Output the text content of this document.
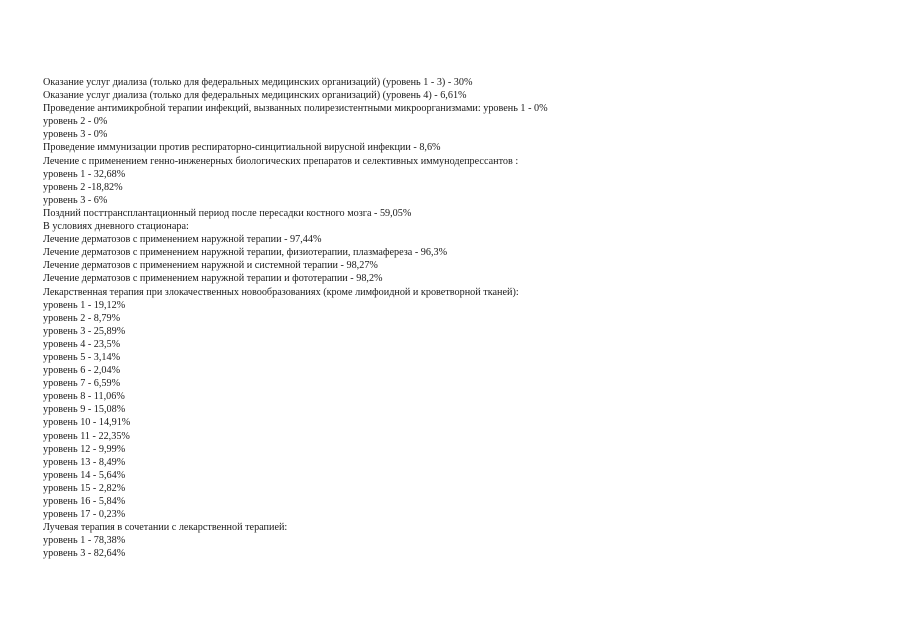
Оказание услуг диализа (только для федеральных медицинских организаций) (уровень 1 - 3) - 30%

Оказание услуг диализа (только для федеральных медицинских организаций) (уровень 4) - 6,61%

Проведение антимикробной терапии инфекций, вызванных полирезистентными микроорганизмами: уровень 1 - 0%

уровень 2 - 0%

уровень 3 - 0%

Проведение иммунизации против респираторно-синцитиальной вирусной инфекции - 8,6%

Лечение с применением генно-инженерных биологических препаратов и селективных иммунодепрессантов :

уровень 1 - 32,68%

уровень 2 -18,82%

уровень 3 - 6%

Поздний посттрансплантационный период после пересадки костного мозга - 59,05%

В условиях дневного стационара:

Лечение дерматозов с применением наружной терапии - 97,44%

Лечение дерматозов с применением наружной терапии, физиотерапии, плазмафереза - 96,3%

Лечение дерматозов с применением наружной и системной терапии - 98,27%

Лечение дерматозов с применением наружной терапии и фототерапии - 98,2%

Лекарственная терапия при злокачественных новообразованиях (кроме лимфоидной и кроветворной тканей):

уровень 1 - 19,12%

уровень 2 - 8,79%

уровень 3 - 25,89%

уровень 4 - 23,5%

уровень 5 - 3,14%

уровень 6 - 2,04%

уровень 7 - 6,59%

уровень 8 - 11,06%

уровень 9 - 15,08%

уровень 10 - 14,91%

уровень 11 - 22,35%

уровень 12 - 9,99%

уровень 13 - 8,49%

уровень 14 - 5,64%

уровень 15 - 2,82%

уровень 16 - 5,84%

уровень 17 - 0,23%

Лучевая терапия в сочетании с лекарственной терапией:

уровень 1 - 78,38%

уровень 3 - 82,64%
